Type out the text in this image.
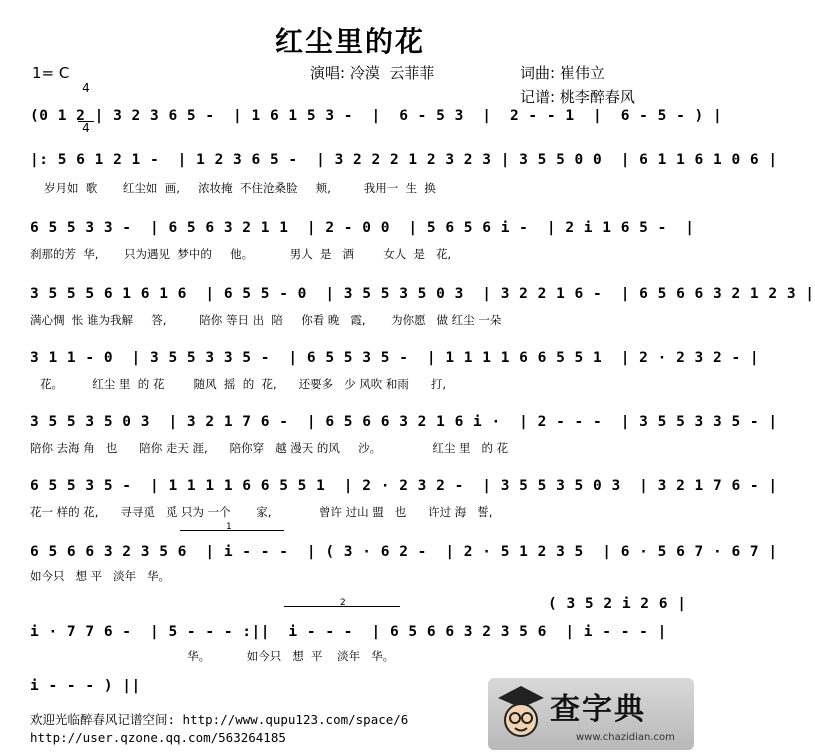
红尘里的花
1= C

4

4

演唱: 冷漠  云菲菲	词曲: 崔伟立
记谱: 桃李醉春风
(0 1 2 | 3 2 3 6 5 -  | 1 6 1 5 3 -  |  6 - 5 3  |  2 - - 1  |  6 - 5 - ) |
|: 5 6 1 2 1 -  | 1 2 3 6 5 -  | 3 2 2 2 1 2 3 2 3 | 3 5 5 0 0  | 6 1 1 6 1 0 6 |
岁月如  歌       红尘如  画,     浓妆掩  不住沧桑脸     颊,         我用一  生  换
6 5 5 3 3 -  | 6 5 6 3 2 1 1  | 2 - 0 0  | 5 6 5 6 i -  | 2 i 1 6 5 -  |
刹那的芳  华,       只为遇见  梦中的     他。          男人  是   酒        女人  是   花,
3 5 5 5 6 1 6 1 6  | 6 5 5 - 0  | 3 5 5 3 5 0 3  | 3 2 2 1 6 -  | 6 5 6 6 3 2 1 2 3 |
满心惆  怅 谁为我解     答,         陪你 等日 出  陪     你看 晚   霞,       为你愿   做 红尘 一朵
3 1 1 - 0  | 3 5 5 3 3 5 -  | 6 5 5 3 5 -  | 1 1 1 1 6 6 5 5 1  | 2 · 2 3 2 - |
花。        红尘 里  的 花        随风  摇  的  花,      还要多   少 风吹 和雨      打,
3 5 5 3 5 0 3  | 3 2 1 7 6 -  | 6 5 6 6 3 2 1 6 i ·  | 2 - - -  | 3 5 5 3 3 5 - |
陪你 去海 角   也      陪你 走天 涯,      陪你穿   越 漫天 的风     沙。              红尘 里   的 花
6 5 5 3 5 -  | 1 1 1 1 6 6 5 5 1  | 2 · 2 3 2 -  | 3 5 5 3 5 0 3  | 3 2 1 7 6 - |
花一 样的 花,      寻寻觅   觅 只为 一个       家,             曾许 过山 盟   也      许过 海   誓,
1
6 5 6 6 3 2 3 5 6  | i - - -  | ( 3 · 6 2 -  | 2 · 5 1 2 3 5  | 6 · 5 6 7 · 6 7 |
如今只   想 平   淡年   华。
2	( 3 5 2 i 2 6 |
i · 7 7 6 -  | 5 - - - :||  i - - -  | 6 5 6 6 3 2 3 5 6  | i - - - |
华。          如今只   想  平    淡年   华。
i - - - ) ||
欢迎光临醉春风记谱空间: http://www.qupu123.com/space/6
http://user.qzone.qq.com/563264185
查字典
www.chazidian.com
